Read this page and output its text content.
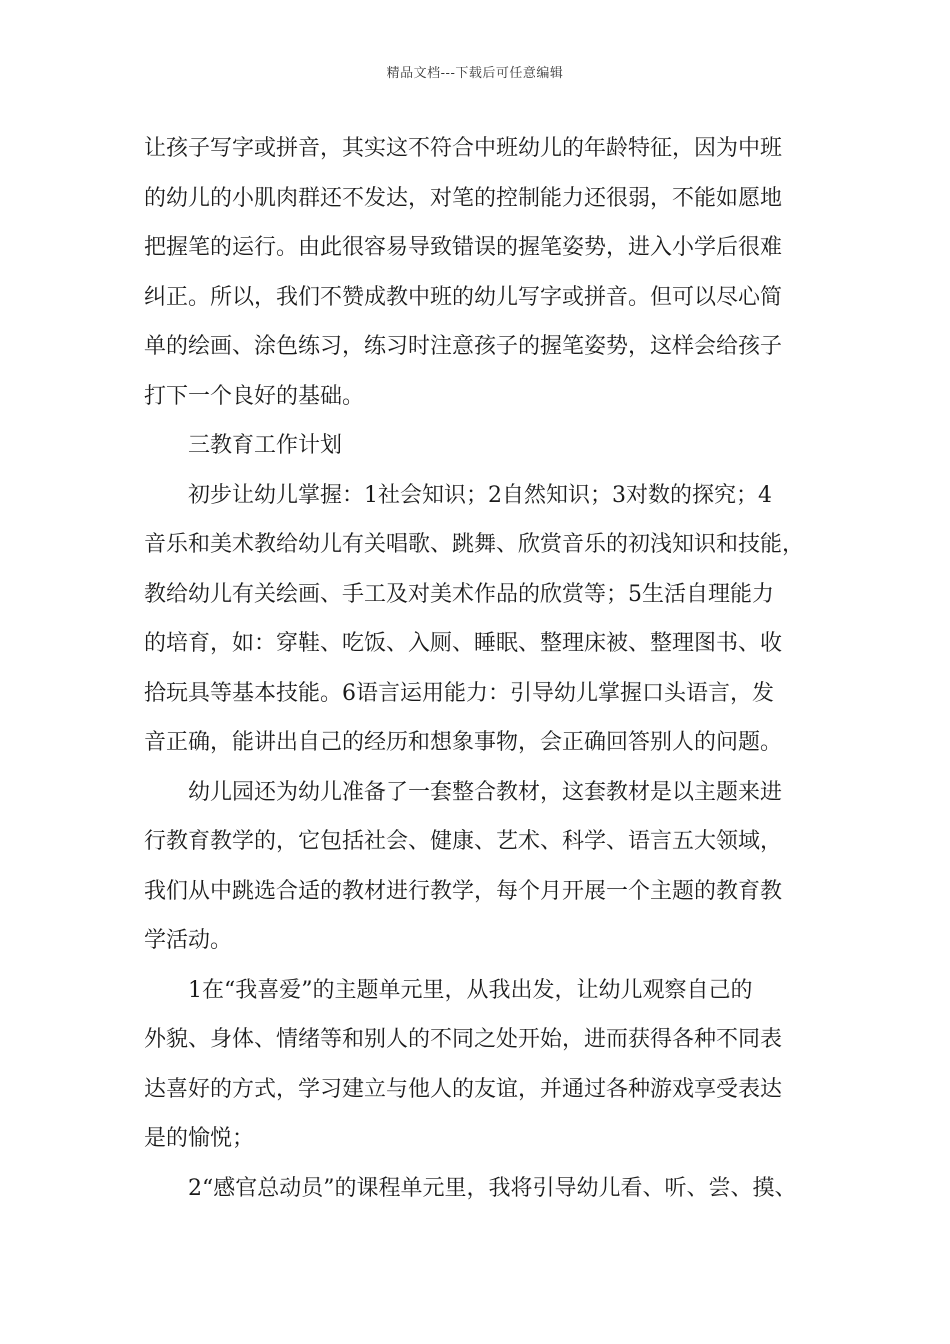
精品文档---下载后可任意编辑
让孩子写字或拼音，其实这不符合中班幼儿的年龄特征，因为中班
的幼儿的小肌肉群还不发达，对笔的控制能力还很弱，不能如愿地
把握笔的运行。由此很容易导致错误的握笔姿势，进入小学后很难
纠正。所以，我们不赞成教中班的幼儿写字或拼音。但可以尽心简
单的绘画、涂色练习，练习时注意孩子的握笔姿势，这样会给孩子
打下一个良好的基础。
三教育工作计划
初步让幼儿掌握：1社会知识；2自然知识；3对数的探究；4
音乐和美术教给幼儿有关唱歌、跳舞、欣赏音乐的初浅知识和技能，
教给幼儿有关绘画、手工及对美术作品的欣赏等；5生活自理能力
的培育，如：穿鞋、吃饭、入厕、睡眠、整理床被、整理图书、收
拾玩具等基本技能。6语言运用能力：引导幼儿掌握口头语言，发
音正确，能讲出自己的经历和想象事物，会正确回答别人的问题。
幼儿园还为幼儿准备了一套整合教材，这套教材是以主题来进
行教育教学的，它包括社会、健康、艺术、科学、语言五大领域，
我们从中跳选合适的教材进行教学，每个月开展一个主题的教育教
学活动。
1在“我喜爱”的主题单元里，从我出发，让幼儿观察自己的
外貌、身体、情绪等和别人的不同之处开始，进而获得各种不同表
达喜好的方式，学习建立与他人的友谊，并通过各种游戏享受表达
是的愉悦；
2“感官总动员”的课程单元里，我将引导幼儿看、听、尝、摸、
